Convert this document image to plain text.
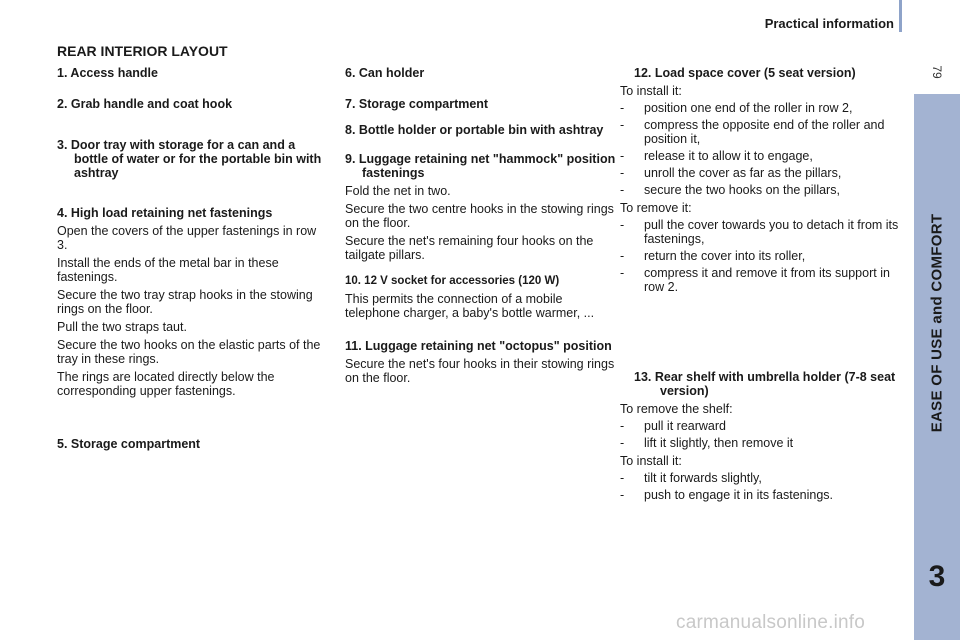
Practical information
EASE OF USE and COMFORT
3
79
REAR INTERIOR LAYOUT
1. Access handle
2. Grab handle and coat hook
3. Door tray with storage for a can and a bottle of water or for the portable bin with ashtray
4. High load retaining net fastenings
Open the covers of the upper fastenings in row 3.
Install the ends of the metal bar in these fastenings.
Secure the two tray strap hooks in the stowing rings on the floor.
Pull the two straps taut.
Secure the two hooks on the elastic parts of the tray in these rings.
The rings are located directly below the corresponding upper fastenings.
5. Storage compartment
6. Can holder
7. Storage compartment
8. Bottle holder or portable bin with ashtray
9. Luggage retaining net "hammock" position fastenings
Fold the net in two.
Secure the two centre hooks in the stowing rings on the floor.
Secure the net's remaining four hooks on the tailgate pillars.
10. 12 V socket for accessories (120 W)
This permits the connection of a mobile telephone charger, a baby's bottle warmer, ...
11. Luggage retaining net "octopus" position
Secure the net's four hooks in their stowing rings on the floor.
12. Load space cover (5 seat version)
To install it:
- position one end of the roller in row 2,
- compress the opposite end of the roller and position it,
- release it to allow it to engage,
- unroll the cover as far as the pillars,
- secure the two hooks on the pillars,
To remove it:
- pull the cover towards you to detach it from its fastenings,
- return the cover into its roller,
- compress it and remove it from its support in row 2.
13. Rear shelf with umbrella holder (7-8 seat version)
To remove the shelf:
- pull it rearward
- lift it slightly, then remove it
To install it:
- tilt it forwards slightly,
- push to engage it in its fastenings.
carmanualsonline.info
